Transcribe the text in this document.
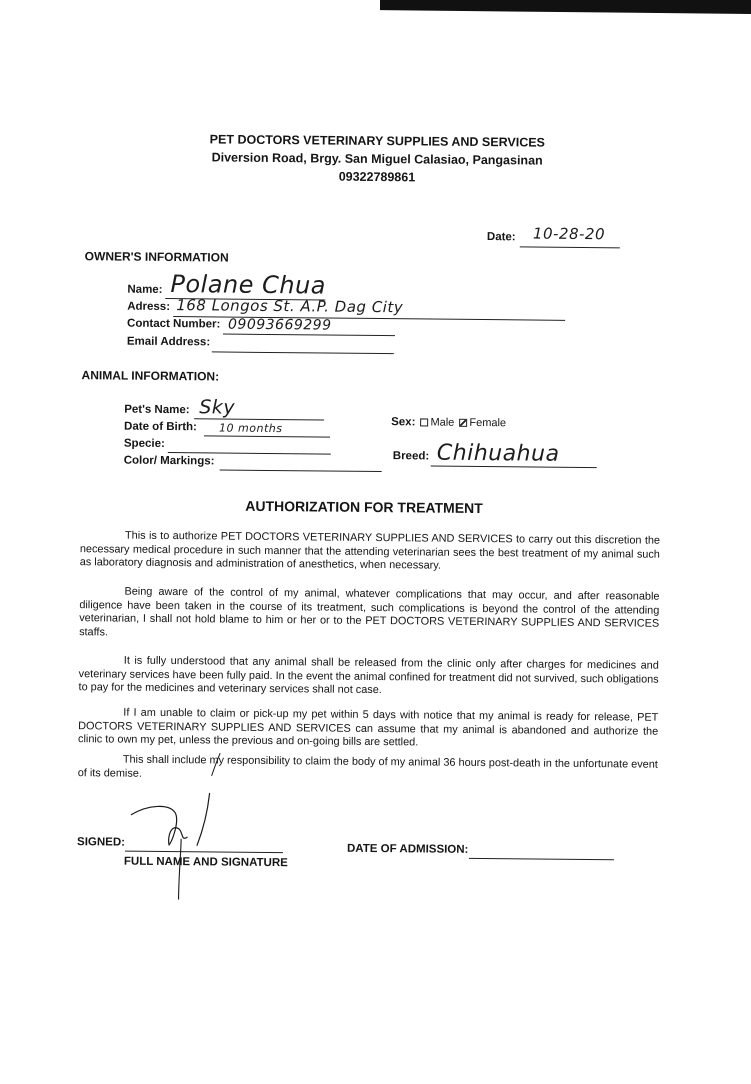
PET DOCTORS VETERINARY SUPPLIES AND SERVICES
Diversion Road, Brgy. San Miguel Calasiao, Pangasinan
09322789861
Date: 10-28-20
OWNER'S INFORMATION
Name: Polane Chua
Adress: 168 Longos St. A.P. Dag City
Contact Number: 09093669299
Email Address:
ANIMAL INFORMATION:
Pet's Name: Sky
Date of Birth: 10 months
Specie:
Color/ Markings:
Sex: Male Female
Breed: Chihuahua
AUTHORIZATION FOR TREATMENT

This is to authorize PET DOCTORS VETERINARY SUPPLIES AND SERVICES to carry out this discretion the necessary medical procedure in such manner that the attending veterinarian sees the best treatment of my animal such as laboratory diagnosis and administration of anesthetics, when necessary.

Being aware of the control of my animal, whatever complications that may occur, and after reasonable diligence have been taken in the course of its treatment, such complications is beyond the control of the attending veterinarian, I shall not hold blame to him or her or to the PET DOCTORS VETERINARY SUPPLIES AND SERVICES staffs.

It is fully understood that any animal shall be released from the clinic only after charges for medicines and veterinary services have been fully paid. In the event the animal confined for treatment did not survived, such obligations to pay for the medicines and veterinary services shall not case.

If I am unable to claim or pick-up my pet within 5 days with notice that my animal is ready for release, PET DOCTORS VETERINARY SUPPLIES AND SERVICES can assume that my animal is abandoned and authorize the clinic to own my pet, unless the previous and on-going bills are settled.

This shall include my responsibility to claim the body of my animal 36 hours post-death in the unfortunate event of its demise.

SIGNED:
FULL NAME AND SIGNATURE
DATE OF ADMISSION:
